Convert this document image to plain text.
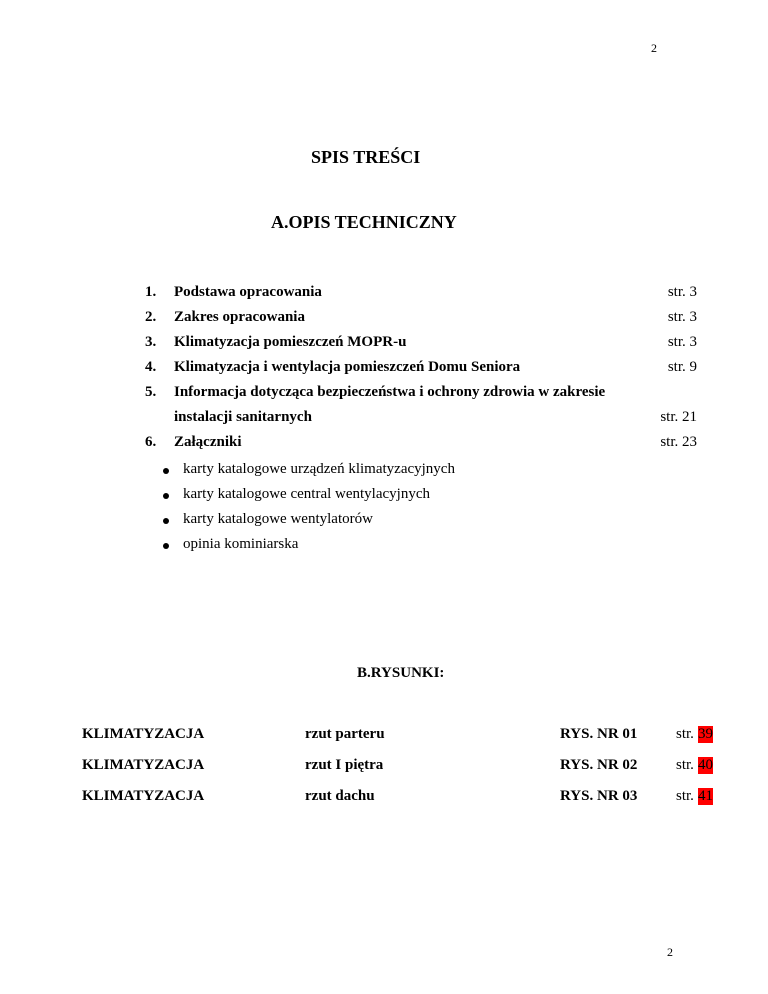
2
SPIS TREŚCI
A.OPIS TECHNICZNY
1. Podstawa opracowania	str. 3
2. Zakres opracowania	str. 3
3. Klimatyzacja pomieszczeń MOPR-u	str. 3
4. Klimatyzacja i wentylacja pomieszczeń Domu Seniora	str. 9
5. Informacja dotycząca bezpieczeństwa i ochrony zdrowia w zakresie
instalacji sanitarnych	str. 21
6. Załączniki	str. 23
karty katalogowe urządzeń klimatyzacyjnych
karty katalogowe central wentylacyjnych
karty katalogowe wentylatorów
opinia kominiarska
B.RYSUNKI:
KLIMATYZACJA	rzut parteru	RYS. NR 01	str. 39
KLIMATYZACJA	rzut I piętra	RYS. NR 02	str. 40
KLIMATYZACJA	rzut dachu	RYS. NR 03	str. 41
2
